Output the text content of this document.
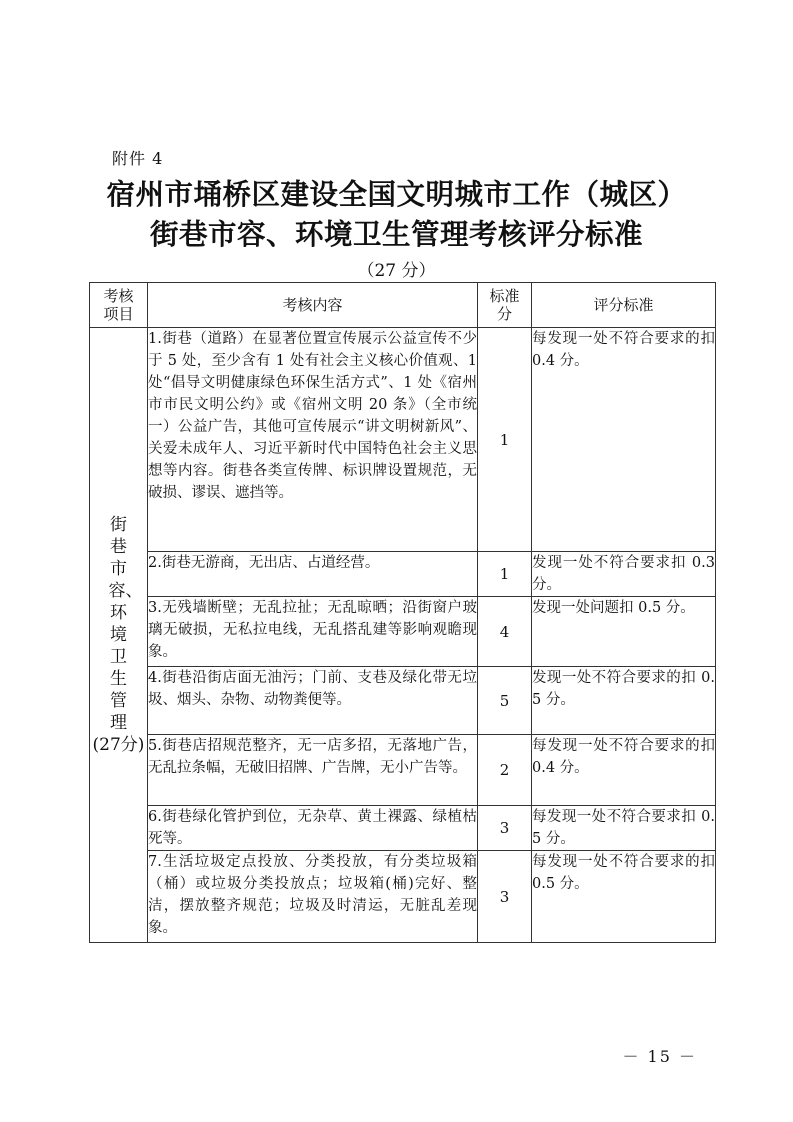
附件 4
宿州市埇桥区建设全国文明城市工作（城区）
街巷市容、环境卫生管理考核评分标准
（27 分）
考核项目	考核内容	标准分	评分标准
街巷市容、环境卫生管理
(27分)	1.街巷（道路）在显著位置宣传展示公益宣传不少于 5 处，至少含有 1 处有社会主义核心价值观、1 处“倡导文明健康绿色环保生活方式”、1 处《宿州市市民文明公约》或《宿州文明 20 条》（全市统一）公益广告，其他可宣传展示“讲文明树新风”、关爱未成年人、习近平新时代中国特色社会主义思想等内容。街巷各类宣传牌、标识牌设置规范，无破损、谬误、遮挡等。	1	每发现一处不符合要求的扣 0.4 分。
	2.街巷无游商，无出店、占道经营。	1	发现一处不符合要求扣 0.3 分。
	3.无残墙断壁；无乱拉扯；无乱晾晒；沿街窗户玻璃无破损，无私拉电线，无乱搭乱建等影响观瞻现象。	4	发现一处问题扣 0.5 分。
	4.街巷沿街店面无油污；门前、支巷及绿化带无垃圾、烟头、杂物、动物粪便等。	5	发现一处不符合要求的扣 0.5 分。
	5.街巷店招规范整齐，无一店多招，无落地广告，无乱拉条幅，无破旧招牌、广告牌，无小广告等。	2	每发现一处不符合要求的扣 0.4 分。
	6.街巷绿化管护到位，无杂草、黄土裸露、绿植枯死等。	3	每发现一处不符合要求扣 0.5 分。
	7.生活垃圾定点投放、分类投放，有分类垃圾箱（桶）或垃圾分类投放点；垃圾箱(桶)完好、整洁，摆放整齐规范；垃圾及时清运，无脏乱差现象。	3	每发现一处不符合要求的扣 0.5 分。
－ 15 －
